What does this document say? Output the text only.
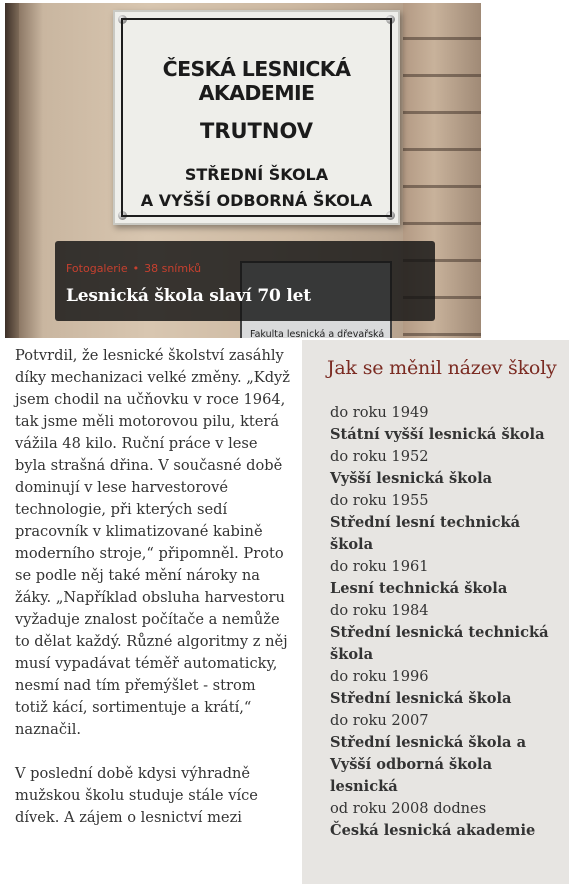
ČESKÁ LESNICKÁ AKADEMIE
TRUTNOV
STŘEDNÍ ŠKOLA
A VYŠŠÍ ODBORNÁ ŠKOLA
Fakulta lesnická a dřevařská
Fotogalerie • 38 snímků
Lesnická škola slaví 70 let

Potvrdil, že lesnické školství zasáhly díky mechanizaci velké změny. „Když jsem chodil na učňovku v roce 1964, tak jsme měli motorovou pilu, která vážila 48 kilo. Ruční práce v lese byla strašná dřina. V současné době dominují v lese harvestorové technologie, při kterých sedí pracovník v klimatizované kabině moderního stroje,“ připomněl. Proto se podle něj také mění nároky na žáky. „Například obsluha harvestoru vyžaduje znalost počítače a nemůže to dělat každý. Různé algoritmy z něj musí vypadávat téměř automaticky, nesmí nad tím přemýšlet - strom totiž kácí, sortimentuje a krátí,“ naznačil.

V poslední době kdysi výhradně mužskou školu studuje stále více dívek. A zájem o lesnictví mezi

Jak se měnil název školy
do roku 1949
Státní vyšší lesnická škola
do roku 1952
Vyšší lesnická škola
do roku 1955
Střední lesní technická škola
do roku 1961
Lesní technická škola
do roku 1984
Střední lesnická technická škola
do roku 1996
Střední lesnická škola
do roku 2007
Střední lesnická škola a Vyšší odborná škola lesnická
od roku 2008 dodnes
Česká lesnická akademie
